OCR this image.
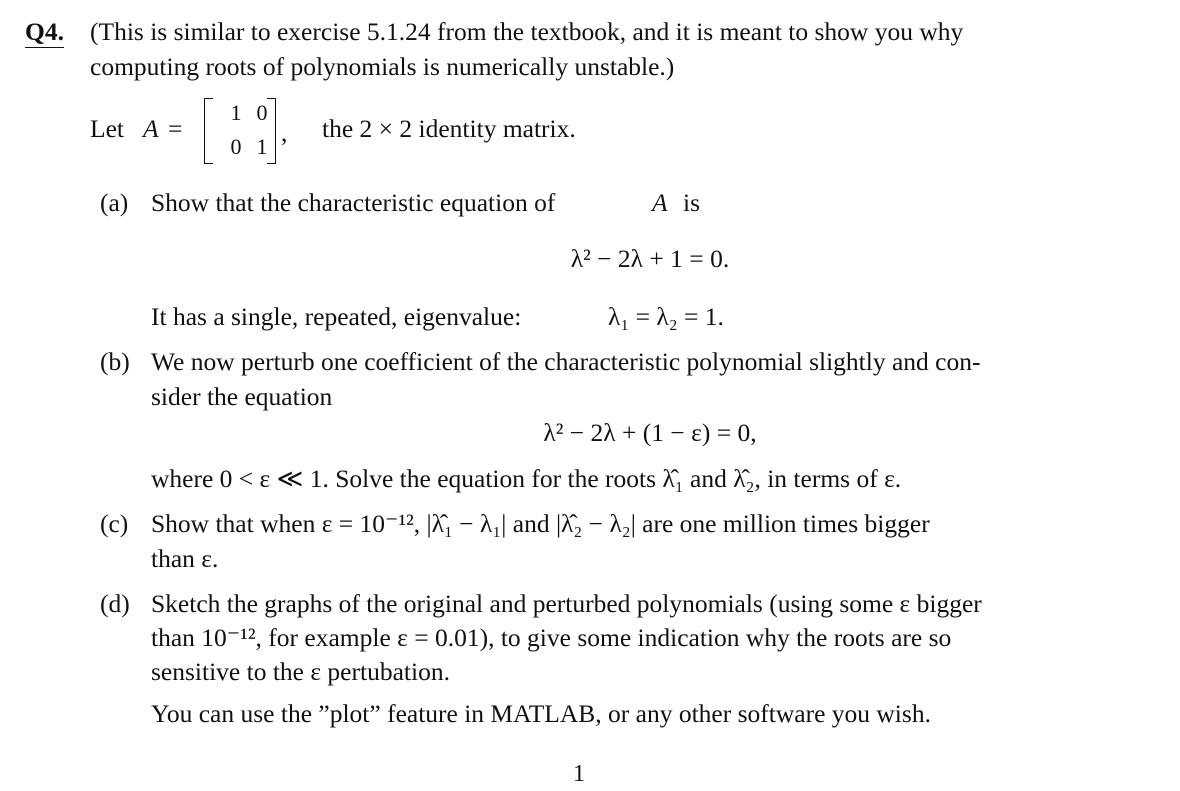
Q4. (This is similar to exercise 5.1.24 from the textbook, and it is meant to show you why
computing roots of polynomials is numerically unstable.)
Let A =
1 0
0 1 , the 2 × 2 identity matrix.
(a) Show that the characteristic equation of	A is
λ² − 2λ + 1 = 0.
It has a single, repeated, eigenvalue:	λ₁ = λ₂ = 1.
(b) We now perturb one coefficient of the characteristic polynomial slightly and con-
sider the equation
λ² − 2λ + (1 − ε) = 0,
where 0 < ε ≪ 1. Solve the equation for the roots λ̂₁ and λ̂₂, in terms of ε.
(c) Show that when ε = 10⁻¹², |λ̂₁ − λ₁| and |λ̂₂ − λ₂| are one million times bigger
than ε.
(d) Sketch the graphs of the original and perturbed polynomials (using some ε bigger
than 10⁻¹², for example ε = 0.01), to give some indication why the roots are so
sensitive to the ε pertubation.
You can use the ”plot” feature in MATLAB, or any other software you wish.
1
